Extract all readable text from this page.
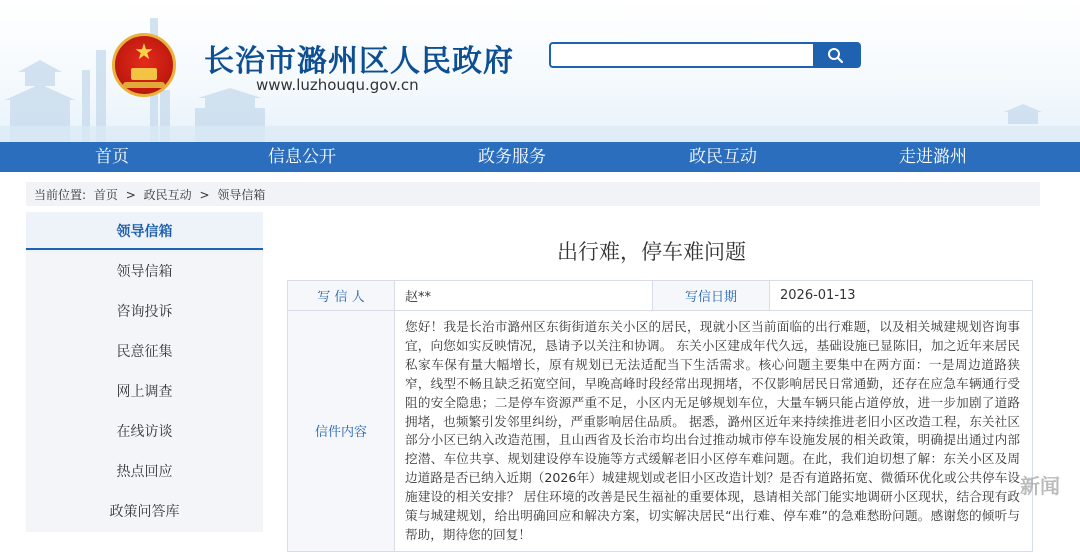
★	长治市潞州区人民政府
www.luzhouqu.gov.cn
首页	信息公开	政务服务	政民互动	走进潞州
当前位置: 首页 > 政民互动 > 领导信箱
领导信箱
领导信箱
咨询投诉
民意征集
网上调查
在线访谈
热点回应
政策问答库
出行难，停车难问题
写 信 人	赵**	写信日期	2026-01-13
信件内容	您好！我是长治市潞州区东街街道东关小区的居民，现就小区当前面临的出行难题，以及相关城建规划咨询事宜，向您如实反映情况，恳请予以关注和协调。 东关小区建成年代久远，基础设施已显陈旧，加之近年来居民私家车保有量大幅增长，原有规划已无法适配当下生活需求。核心问题主要集中在两方面：一是周边道路狭窄，线型不畅且缺乏拓宽空间，早晚高峰时段经常出现拥堵，不仅影响居民日常通勤，还存在应急车辆通行受阻的安全隐患；二是停车资源严重不足，小区内无足够规划车位，大量车辆只能占道停放，进一步加剧了道路拥堵，也频繁引发邻里纠纷，严重影响居住品质。 据悉，潞州区近年来持续推进老旧小区改造工程，东关社区部分小区已纳入改造范围，且山西省及长治市均出台过推动城市停车设施发展的相关政策，明确提出通过内部挖潜、车位共享、规划建设停车设施等方式缓解老旧小区停车难问题。在此，我们迫切想了解：东关小区及周边道路是否已纳入近期（2026年）城建规划或老旧小区改造计划？是否有道路拓宽、微循环优化或公共停车设施建设的相关安排？ 居住环境的改善是民生福祉的重要体现，恳请相关部门能实地调研小区现状，结合现有政策与城建规划，给出明确回应和解决方案，切实解决居民“出行难、停车难”的急难愁盼问题。感谢您的倾听与帮助，期待您的回复！		
新闻
